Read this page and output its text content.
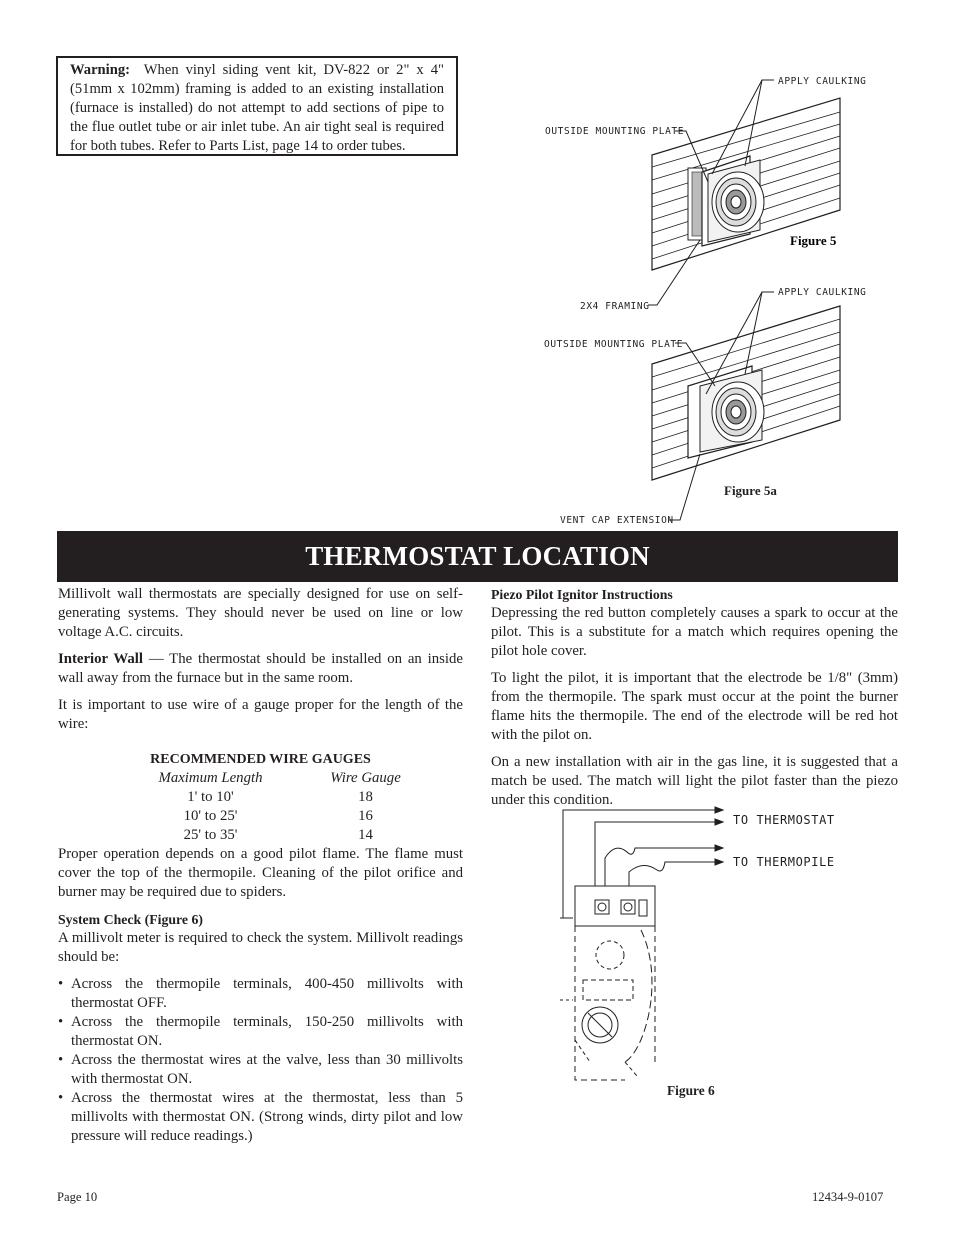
Warning: When vinyl siding vent kit, DV-822 or 2" x 4" (51mm x 102mm) framing is added to an existing installation (furnace is installed) do not attempt to add sections of pipe to the flue outlet tube or air inlet tube. An air tight seal is required for both tubes. Refer to Parts List, page 14 to order tubes.
APPLY CAULKING
OUTSIDE MOUNTING PLATE
2X4 FRAMING
Figure 5
APPLY CAULKING
OUTSIDE MOUNTING PLATE
VENT CAP EXTENSION
Figure 5a
THERMOSTAT LOCATION

Millivolt wall thermostats are specially designed for use on self-generating systems. They should never be used on line or low voltage A.C. circuits.

Interior Wall — The thermostat should be installed on an inside wall away from the furnace but in the same room.

It is important to use wire of a gauge proper for the length of the wire:

RECOMMENDED WIRE GAUGES
Maximum Length	Wire Gauge
1' to 10'	18
10' to 25'	16
25' to 35'	14

Proper operation depends on a good pilot flame. The flame must cover the top of the thermopile. Cleaning of the pilot orifice and burner may be required due to spiders.

System Check (Figure 6)

A millivolt meter is required to check the system. Millivolt readings should be:

• Across the thermopile terminals, 400-450 millivolts with thermostat OFF.
• Across the thermopile terminals, 150-250 millivolts with thermostat ON.
• Across the thermostat wires at the valve, less than 30 millivolts with thermostat ON.
• Across the thermostat wires at the thermostat, less than 5 millivolts with thermostat ON. (Strong winds, dirty pilot and low pressure will reduce readings.)
Piezo Pilot Ignitor Instructions

Depressing the red button completely causes a spark to occur at the pilot. This is a substitute for a match which requires opening the pilot hole cover.

To light the pilot, it is important that the electrode be 1/8" (3mm) from the thermopile. The spark must occur at the point the burner flame hits the thermopile. The end of the electrode will be red hot with the pilot on.

On a new installation with air in the gas line, it is suggested that a match be used. The match will light the pilot faster than the piezo under this condition.

TO THERMOSTAT
TO THERMOPILE
Figure 6
Page 10	12434-9-0107
